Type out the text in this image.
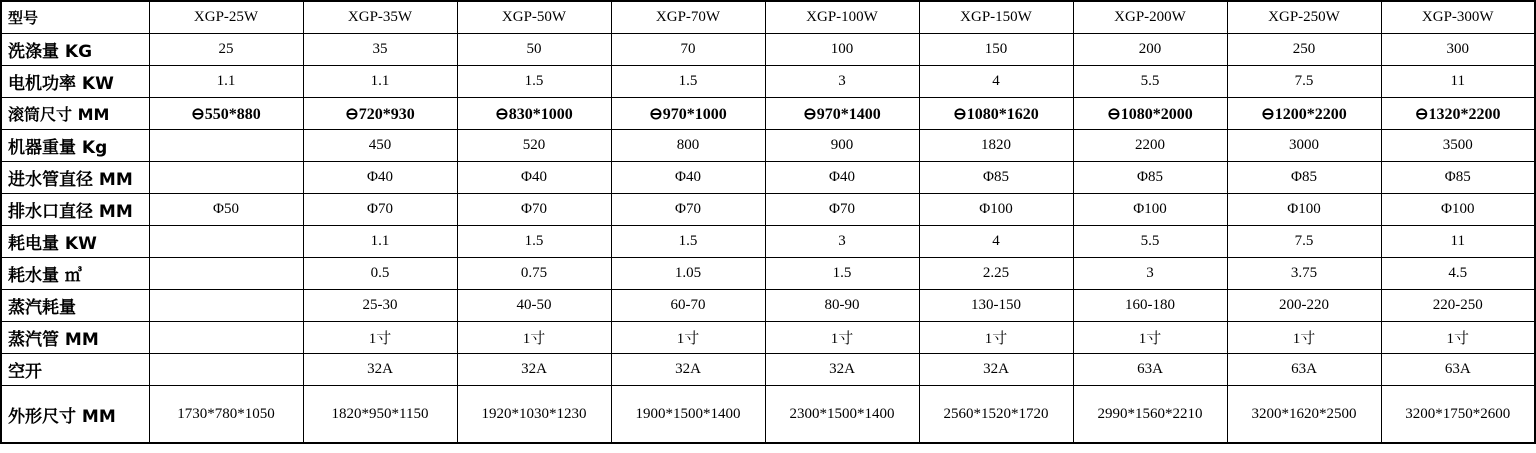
型号	XGP-25W	XGP-35W	XGP-50W	XGP-70W	XGP-100W	XGP-150W	XGP-200W	XGP-250W	XGP-300W
洗涤量 KG	25	35	50	70	100	150	200	250	300
电机功率 KW	1.1	1.1	1.5	1.5	3	4	5.5	7.5	11
滚筒尺寸 MM	⊖550*880	⊖720*930	⊖830*1000	⊖970*1000	⊖970*1400	⊖1080*1620	⊖1080*2000	⊖1200*2200	⊖1320*2200
机器重量 Kg		450	520	800	900	1820	2200	3000	3500
进水管直径 MM		Φ40	Φ40	Φ40	Φ40	Φ85	Φ85	Φ85	Φ85
排水口直径 MM	Φ50	Φ70	Φ70	Φ70	Φ70	Φ100	Φ100	Φ100	Φ100
耗电量 KW		1.1	1.5	1.5	3	4	5.5	7.5	11
耗水量 ㎥		0.5	0.75	1.05	1.5	2.25	3	3.75	4.5
蒸汽耗量		25-30	40-50	60-70	80-90	130-150	160-180	200-220	220-250
蒸汽管 MM		1寸	1寸	1寸	1寸	1寸	1寸	1寸	1寸
空开		32A	32A	32A	32A	32A	63A	63A	63A
外形尺寸 MM	1730*780*1050	1820*950*1150	1920*1030*1230	1900*1500*1400	2300*1500*1400	2560*1520*1720	2990*1560*2210	3200*1620*2500	3200*1750*2600
